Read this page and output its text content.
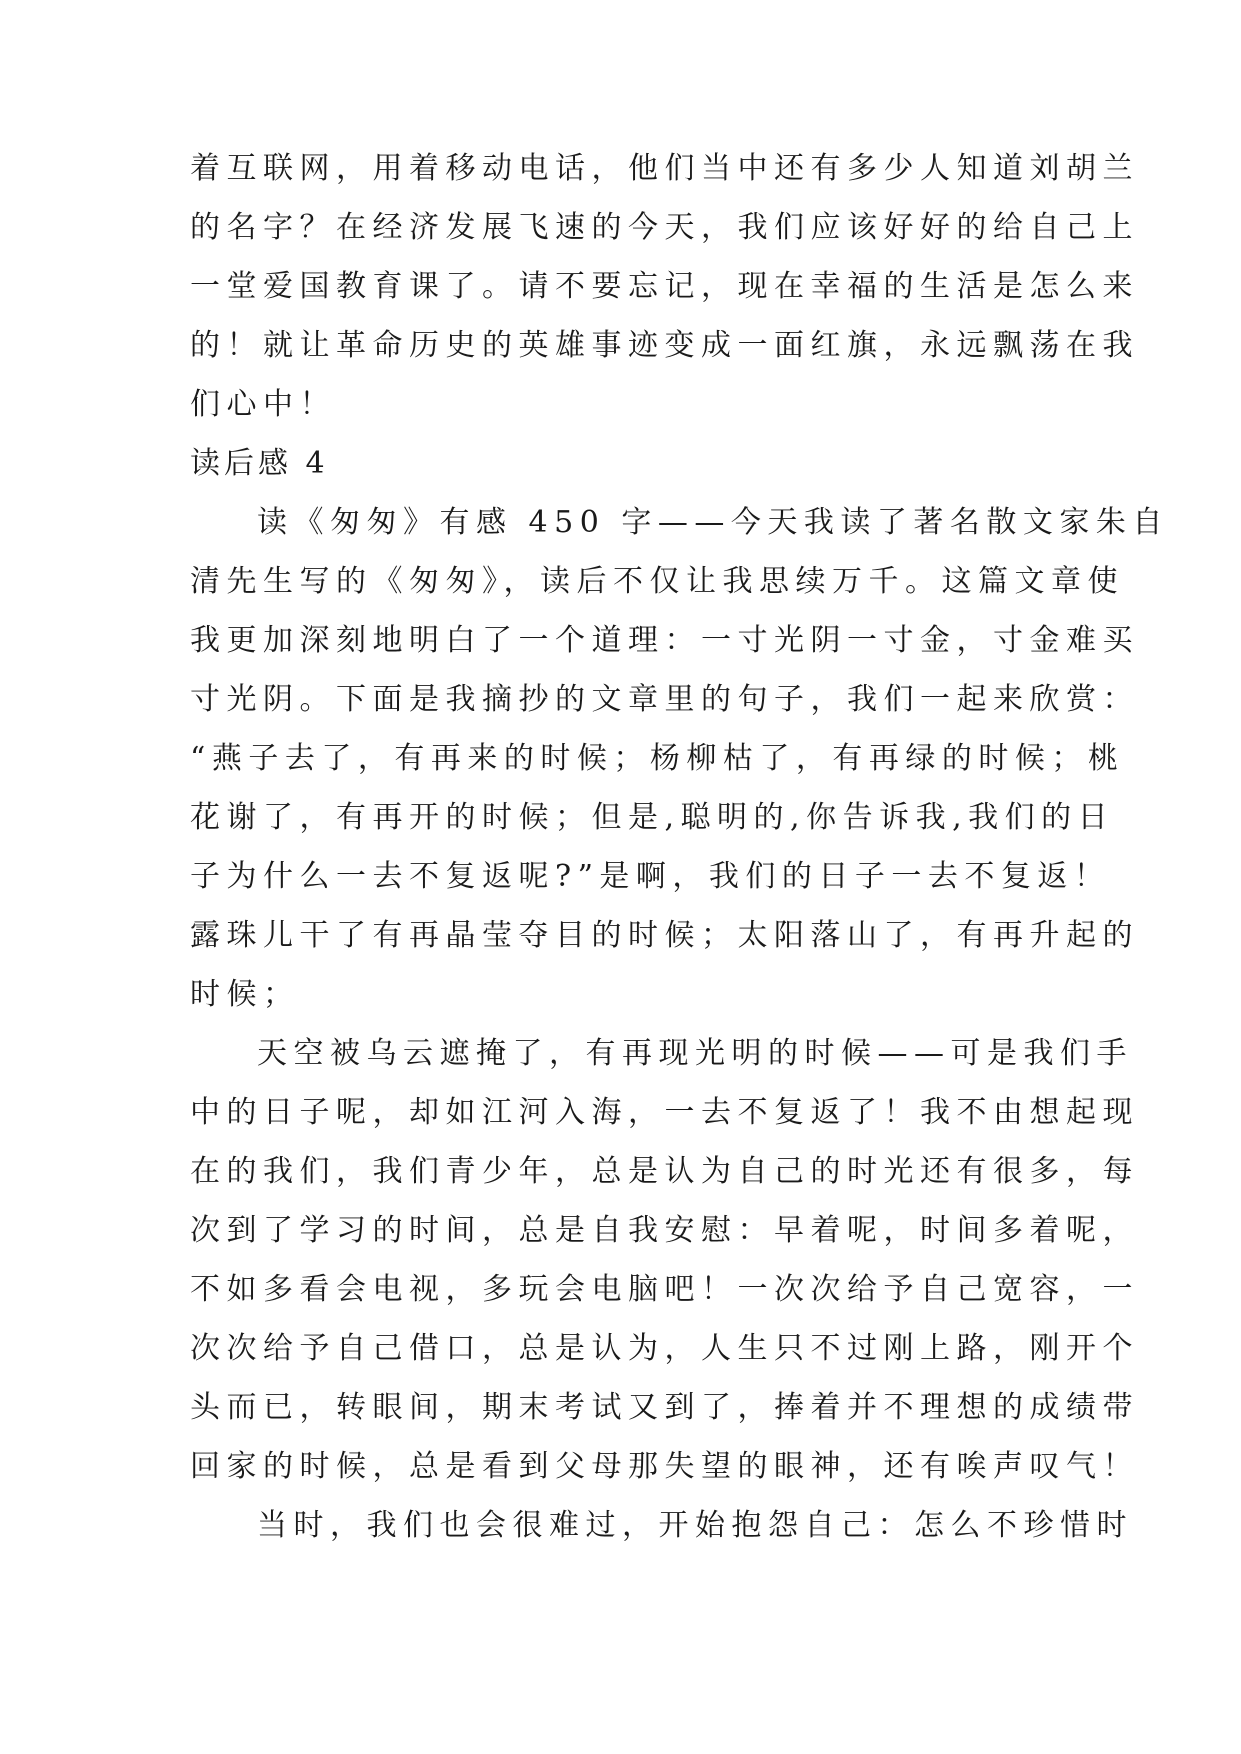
着互联网，用着移动电话，他们当中还有多少人知道刘胡兰
的名字？在经济发展飞速的今天，我们应该好好的给自己上
一堂爱国教育课了。请不要忘记，现在幸福的生活是怎么来
的！就让革命历史的英雄事迹变成一面红旗，永远飘荡在我
们心中！
读后感 4
读《匆匆》有感 450 字——今天我读了著名散文家朱自
清先生写的《匆匆》，读后不仅让我思续万千。这篇文章使
我更加深刻地明白了一个道理：一寸光阴一寸金，寸金难买
寸光阴。下面是我摘抄的文章里的句子，我们一起来欣赏：
“燕子去了，有再来的时候；杨柳枯了，有再绿的时候；桃
花谢了，有再开的时候；但是,聪明的,你告诉我,我们的日
子为什么一去不复返呢?”是啊，我们的日子一去不复返！
露珠儿干了有再晶莹夺目的时候；太阳落山了，有再升起的
时候；
天空被乌云遮掩了，有再现光明的时候——可是我们手
中的日子呢，却如江河入海，一去不复返了！我不由想起现
在的我们，我们青少年，总是认为自己的时光还有很多，每
次到了学习的时间，总是自我安慰：早着呢，时间多着呢，
不如多看会电视，多玩会电脑吧！一次次给予自己宽容，一
次次给予自己借口，总是认为，人生只不过刚上路，刚开个
头而已，转眼间，期末考试又到了，捧着并不理想的成绩带
回家的时候，总是看到父母那失望的眼神，还有唉声叹气！
当时，我们也会很难过，开始抱怨自己：怎么不珍惜时
